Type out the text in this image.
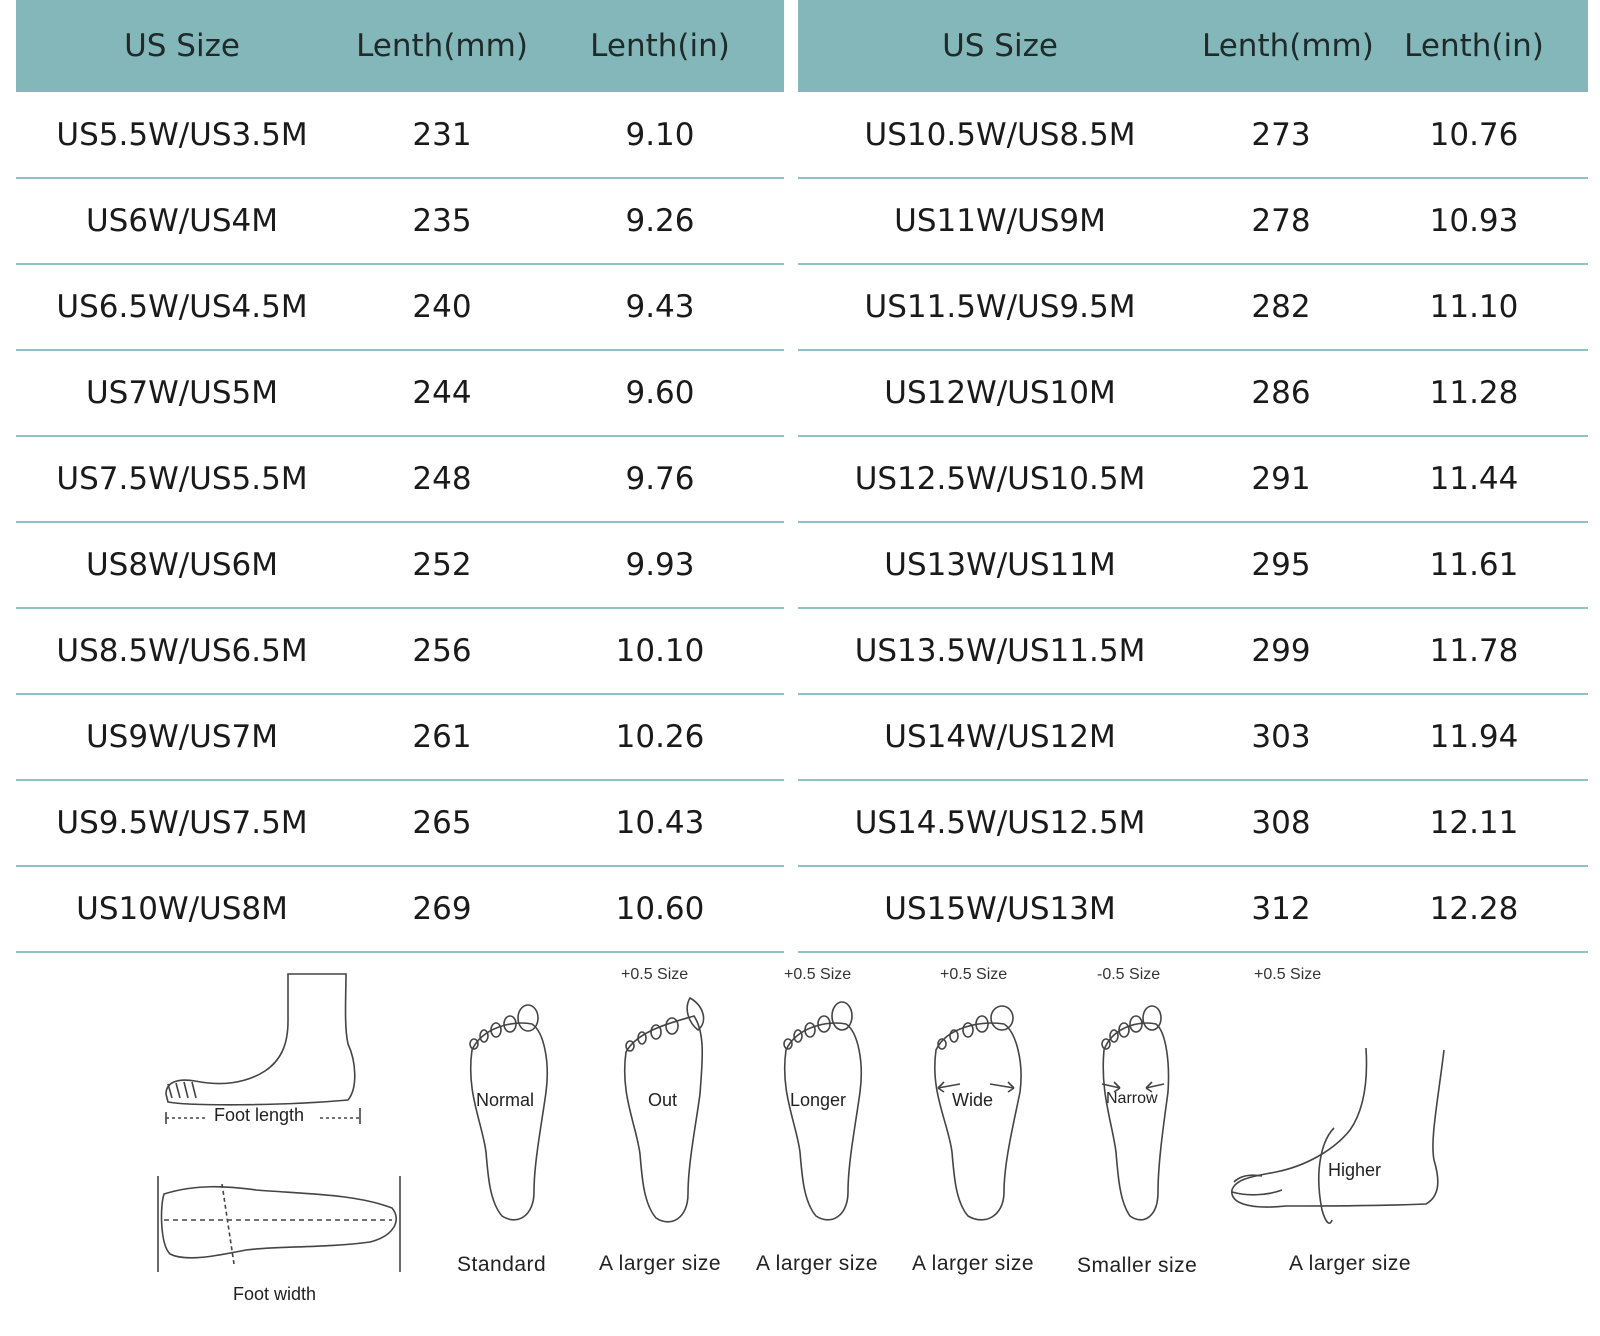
US Size	Lenth(mm)	Lenth(in)
US5.5W/US3.5M	231	9.10
US6W/US4M	235	9.26
US6.5W/US4.5M	240	9.43
US7W/US5M	244	9.60
US7.5W/US5.5M	248	9.76
US8W/US6M	252	9.93
US8.5W/US6.5M	256	10.10
US9W/US7M	261	10.26
US9.5W/US7.5M	265	10.43
US10W/US8M	269	10.60
US Size	Lenth(mm)	Lenth(in)
US10.5W/US8.5M	273	10.76
US11W/US9M	278	10.93
US11.5W/US9.5M	282	11.10
US12W/US10M	286	11.28
US12.5W/US10.5M	291	11.44
US13W/US11M	295	11.61
US13.5W/US11.5M	299	11.78
US14W/US12M	303	11.94
US14.5W/US12.5M	308	12.11
US15W/US13M	312	12.28
Foot length
Foot width
Normal
Standard
+0.5 Size
Out
A larger size
+0.5 Size
Longer
A larger size
+0.5 Size
Wide
A larger size
-0.5 Size
Narrow
Smaller size
+0.5 Size
Higher
A larger size
